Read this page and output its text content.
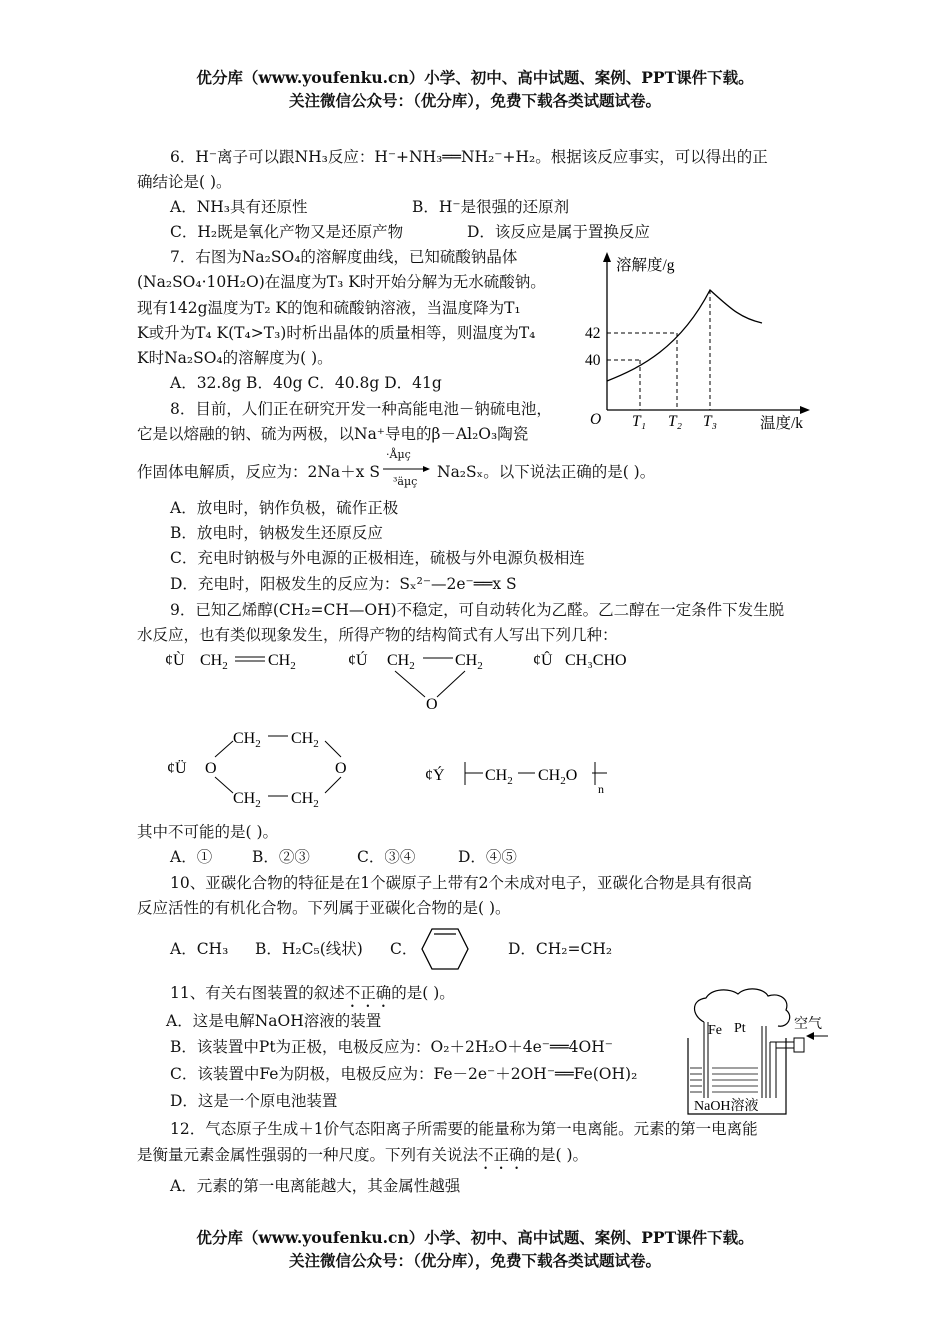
优分库（www.youfenku.cn）小学、初中、高中试题、案例、PPT课件下载。
关注微信公众号：（优分库），免费下载各类试题试卷。
6．H⁻离子可以跟NH₃反应：H⁻+NH₃══NH₂⁻+H₂。根据该反应事实，可以得出的正
确结论是( )。
A．NH₃具有还原性	B．H⁻是很强的还原剂
C．H₂既是氧化产物又是还原产物	D．该反应是属于置换反应
7．右图为Na₂SO₄的溶解度曲线，已知硫酸钠晶体
(Na₂SO₄·10H₂O)在温度为T₃ K时开始分解为无水硫酸钠。
现有142g温度为T₂ K的饱和硫酸钠溶液，当温度降为T₁
K或升为T₄ K(T₄>T₃)时析出晶体的质量相等，则温度为T₄
K时Na₂SO₄的溶解度为( )。
A．32.8g B．40g C．40.8g D．41g
溶解度/g
温度/k
O
42
40
T₁ T₂ T₃
8．目前，人们正在研究开发一种高能电池－钠硫电池，
它是以熔融的钠、硫为两极，以Na⁺导电的β－Al₂O₃陶瓷
作固体电解质，反应为：2Na＋x S
·Åµç
³äµç
Na₂Sₓ。以下说法正确的是( )。
A．放电时，钠作负极，硫作正极
B．放电时，钠极发生还原反应
C．充电时钠极与外电源的正极相连，硫极与外电源负极相连
D．充电时，阳极发生的反应为：Sₓ²⁻—2e⁻══x S
9．已知乙烯醇(CH₂=CH—OH)不稳定，可自动转化为乙醛。乙二醇在一定条件下发生脱
水反应，也有类似现象发生，所得产物的结构简式有人写出下列几种：
¢Ù $CH_2$	$CH_2$	¢Ú $CH_2$	$CH_2$
O
¢Û CH₃CHO
¢Ü O	O
$CH_2$ $CH_2$
$CH_2$ $CH_2$
¢Ý	$CH_2$ $CH_2O$
n
其中不可能的是( )。
A．①	B．②③	C．③④	D．④⑤
10、亚碳化合物的特征是在1个碳原子上带有2个未成对电子，亚碳化合物是具有很高
反应活性的有机化合物。下列属于亚碳化合物的是( )。
A．CH₃ B．H₂C₅(线状) C．	D．CH₂=CH₂
11、有关右图装置的叙述不正确的是( )。
A．这是电解NaOH溶液的装置
B．该装置中Pt为正极，电极反应为：O₂＋2H₂O＋4e⁻══4OH⁻
C．该装置中Fe为阴极，电极反应为：Fe－2e⁻＋2OH⁻══Fe(OH)₂
D．这是一个原电池装置
Fe Pt	空气
NaOH溶液
12．气态原子生成＋1价气态阳离子所需要的能量称为第一电离能。元素的第一电离能
是衡量元素金属性强弱的一种尺度。下列有关说法不正确的是( )。
A．元素的第一电离能越大，其金属性越强
优分库（www.youfenku.cn）小学、初中、高中试题、案例、PPT课件下载。
关注微信公众号：（优分库），免费下载各类试题试卷。
